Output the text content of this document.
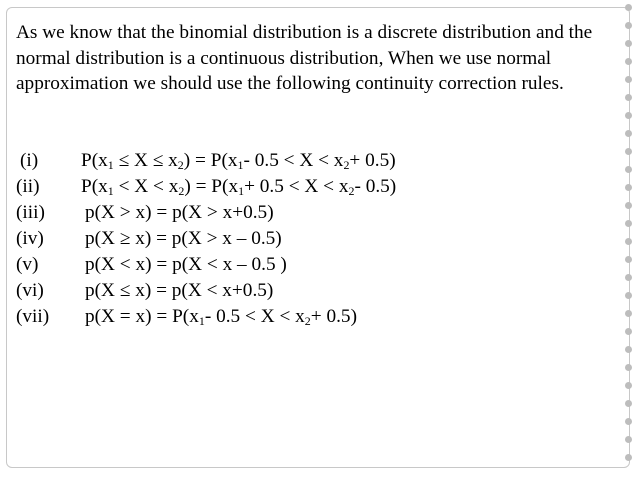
As we know that the binomial distribution is a discrete distribution and the normal distribution is a continuous distribution, When we use normal approximation we should use the following continuity correction rules.

(i) $P(x_1 \le X \le x_2) = P(x_1-$ $0.5 < X < x_2+ 0.5$)
(ii) $P(x_1 < X < x_2) = P(x_1+ 0.5 < X < x_2-$ 0.5)
(iii) p(X > x) = p(X > x+0.5)
(iv) p(X ≥ x) = p(X > x – 0.5)
(v) p(X < x) = p(X < x – 0.5 )
(vi) p(X ≤ x) = p(X < x+0.5)
(vii) $p(X = x) = P(x_1-$ $0.5 < X < x_2+ 0.5$)
